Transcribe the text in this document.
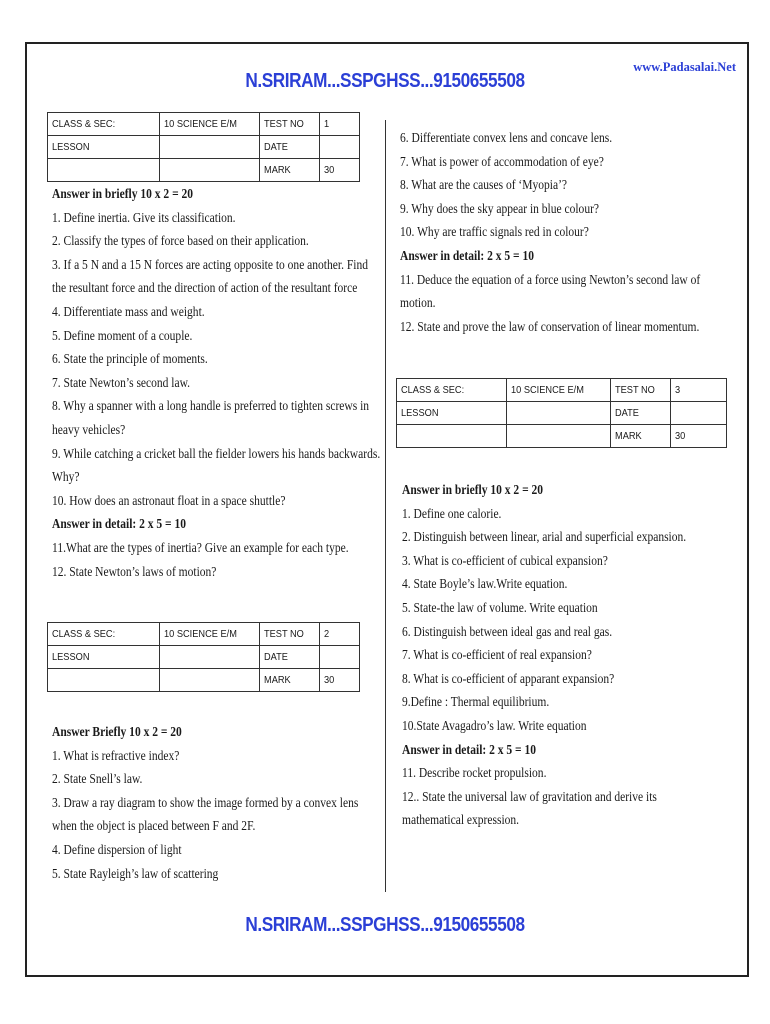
N.SRIRAM...SSPGHSS...9150655508
www.Padasalai.Net
CLASS & SEC:	10 SCIENCE E/M	TEST NO	1
LESSON		DATE	
		MARK	30
Answer in briefly 10 x 2 = 20
1. Define inertia. Give its classification.
2. Classify the types of force based on their application.
3. If a 5 N and a 15 N forces are acting opposite to one another. Find
the resultant force and the direction of action of the resultant force
4. Differentiate mass and weight.
5. Define moment of a couple.
6. State the principle of moments.
7. State Newton’s second law.
8. Why a spanner with a long handle is preferred to tighten screws in
heavy vehicles?
9. While catching a cricket ball the fielder lowers his hands backwards.
Why?
10. How does an astronaut float in a space shuttle?
Answer in detail: 2 x 5 = 10
11.What are the types of inertia? Give an example for each type.
12. State Newton’s laws of motion?
CLASS & SEC:	10 SCIENCE E/M	TEST NO	2
LESSON		DATE	
		MARK	30
Answer Briefly 10 x 2 = 20
1. What is refractive index?
2. State Snell’s law.
3. Draw a ray diagram to show the image formed by a convex lens
when the object is placed between F and 2F.
4. Define dispersion of light
5. State Rayleigh’s law of scattering
6. Differentiate convex lens and concave lens.
7. What is power of accommodation of eye?
8. What are the causes of ‘Myopia’?
9. Why does the sky appear in blue colour?
10. Why are traffic signals red in colour?
Answer in detail: 2 x 5 = 10
11. Deduce the equation of a force using Newton’s second law of
motion.
12. State and prove the law of conservation of linear momentum.
CLASS & SEC:	10 SCIENCE E/M	TEST NO	3
LESSON		DATE	
		MARK	30
Answer in briefly 10 x 2 = 20
1. Define one calorie.
2. Distinguish between linear, arial and superficial expansion.
3. What is co-efficient of cubical expansion?
4. State Boyle’s law.Write equation.
5. State-the law of volume. Write equation
6. Distinguish between ideal gas and real gas.
7. What is co-efficient of real expansion?
8. What is co-efficient of apparant expansion?
9.Define : Thermal equilibrium.
10.State Avagadro’s law. Write equation
Answer in detail: 2 x 5 = 10
11. Describe rocket propulsion.
12.. State the universal law of gravitation and derive its
mathematical expression.
N.SRIRAM...SSPGHSS...9150655508
